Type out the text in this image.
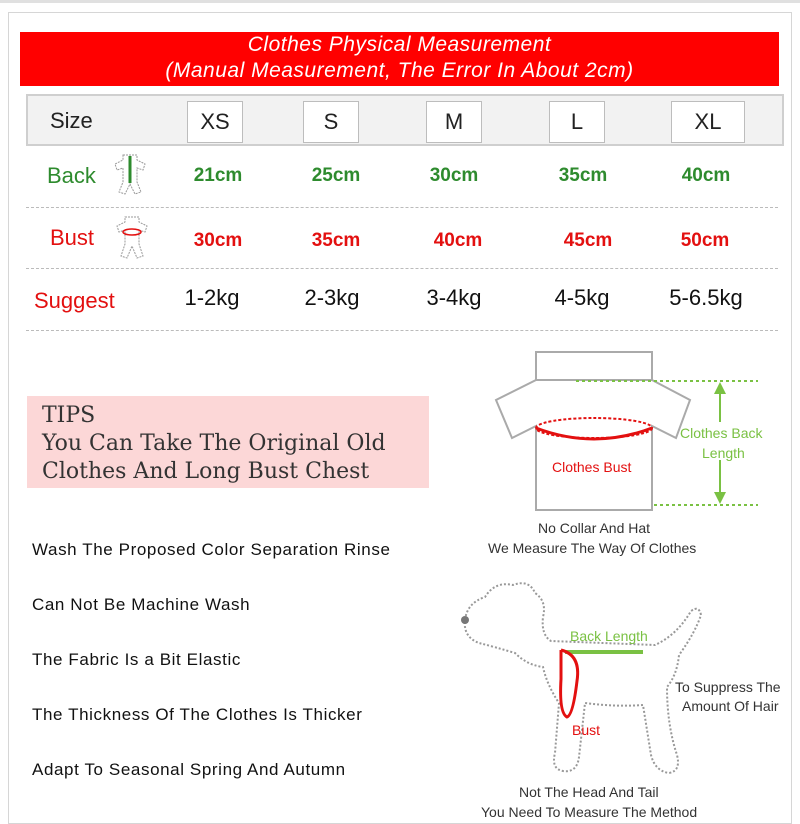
Clothes Physical Measurement
(Manual Measurement, The Error In About 2cm)
Size	XS	S	M	L	XL
Back	21cm	25cm	30cm	35cm	40cm
Bust	30cm	35cm	40cm	45cm	50cm
Suggest	1-2kg	2-3kg	3-4kg	4-5kg	5-6.5kg
TIPS
You Can Take The Original Old
Clothes And Long Bust Chest
Wash The Proposed Color Separation Rinse
Can Not Be Machine Wash
The Fabric Is a Bit Elastic
The Thickness Of The Clothes Is Thicker
Adapt To Seasonal Spring And Autumn
Clothes Back
Length
Clothes Bust
No Collar And Hat
We Measure The Way Of Clothes
Back Length
Bust
To Suppress The
Amount Of Hair
Not The Head And Tail
You Need To Measure The Method
